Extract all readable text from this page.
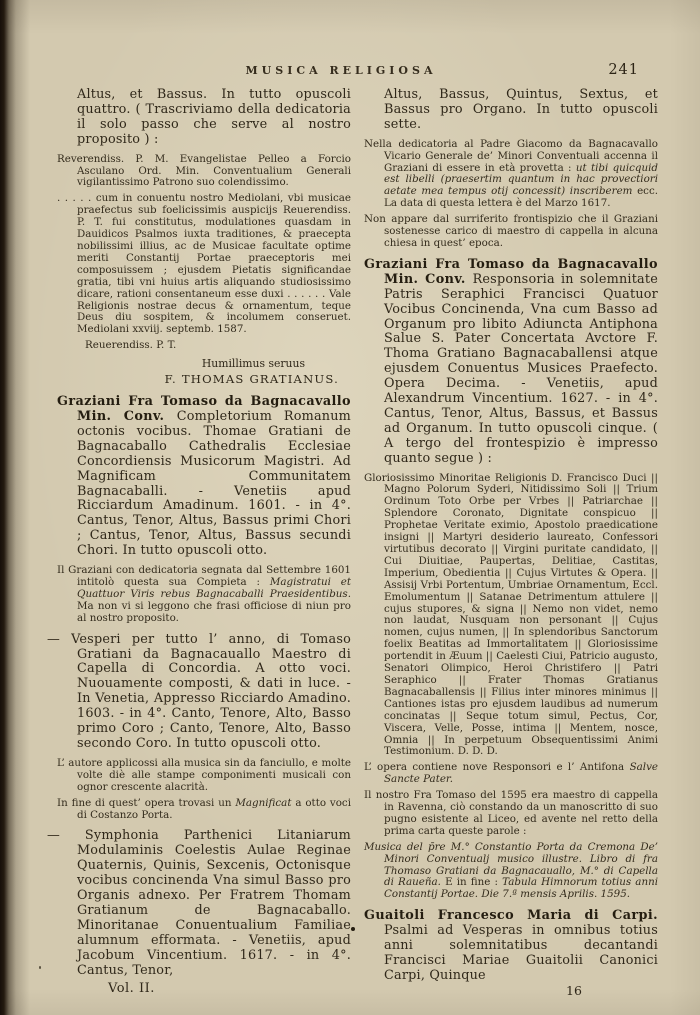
MUSICA RELIGIOSA	241
Altus, et Bassus. In tutto opuscoli quattro. ( Trascriviamo della dedicatoria il solo passo che serve al nostro proposito ) :
Reverendiss. P. M. Evangelistae Pelleo a Forcio Asculano Ord. Min. Conventualium Generali vigilantissimo Patrono suo colendissimo.
. . . . . cum in conuentu nostro Mediolani, vbi musicae praefectus sub foelicissimis auspicijs Reuerendiss. P. T. fui constitutus, modulationes quasdam in Dauidicos Psalmos iuxta traditiones, & praecepta nobilissimi illius, ac de Musicae facultate optime meriti Constantij Portae praeceptoris mei composuissem ; ejusdem Pietatis significandae gratia, tibi vni huius artis aliquando studiosissimo dicare, rationi consentaneum esse duxi . . . . . . Vale Religionis nostrae decus & ornamentum, teque Deus diu sospitem, & incolumem conseruet. Mediolani xxviij. septemb. 1587.
Reuerendiss. P. T.
Humillimus seruus
F. THOMAS GRATIANUS.
Graziani Fra Tomaso da Bagnacavallo Min. Conv. Completorium Romanum octonis vocibus. Thomae Gratiani de Bagnacaballo Cathedralis Ecclesiae Concordiensis Musicorum Magistri. Ad Magnificam Communitatem Bagnacaballi. - Venetiis apud Ricciardum Amadinum. 1601. - in 4°. Cantus, Tenor, Altus, Bassus primi Chori ; Cantus, Tenor, Altus, Bassus secundi Chori. In tutto opuscoli otto.
Il Graziani con dedicatoria segnata dal Settembre 1601 intitolò questa sua Compieta : Magistratui et Quattuor Viris rebus Bagnacaballi Praesidentibus. Ma non vi si leggono che frasi officiose di niun pro al nostro proposito.
— Vesperi per tutto l’ anno, di Tomaso Gratiani da Bagnacauallo Maestro di Capella di Concordia. A otto voci. Nuouamente composti, & dati in luce. - In Venetia, Appresso Ricciardo Amadino. 1603. - in 4°. Canto, Tenore, Alto, Basso primo Coro ; Canto, Tenore, Alto, Basso secondo Coro. In tutto opuscoli otto.
L’ autore applicossi alla musica sin da fanciullo, e molte volte diè alle stampe componimenti musicali con ognor crescente alacrità.
In fine di quest’ opera trovasi un Magnificat a otto voci di Costanzo Porta.
— Symphonia Parthenici Litaniarum Modulaminis Coelestis Aulae Reginae Quaternis, Quinis, Sexcenis, Octonisque vocibus concinenda Vna simul Basso pro Organis adnexo. Per Fratrem Thomam Gratianum de Bagnacaballo. Minoritanae Conuentualium Familiae alumnum efformata. - Venetiis, apud Jacobum Vincentium. 1617. - in 4°. Cantus, Tenor,
Altus, Bassus, Quintus, Sextus, et Bassus pro Organo. In tutto opuscoli sette.
Nella dedicatoria al Padre Giacomo da Bagnacavallo Vicario Generale de’ Minori Conventuali accenna il Graziani di essere in età provetta : ut tibi quicquid est libelli (praesertim quantum in hac provectiori aetate mea tempus otij concessit) inscriberem ecc. La data di questa lettera è del Marzo 1617.
Non appare dal surriferito frontispizio che il Graziani sostenesse carico di maestro di cappella in alcuna chiesa in quest’ epoca.
Graziani Fra Tomaso da Bagnacavallo Min. Conv. Responsoria in solemnitate Patris Seraphici Francisci Quatuor Vocibus Concinenda, Vna cum Basso ad Organum pro libito Adiuncta Antiphona Salue S. Pater Concertata Avctore F. Thoma Gratiano Bagnacaballensi atque ejusdem Conuentus Musices Praefecto. Opera Decima. - Venetiis, apud Alexandrum Vincentium. 1627. - in 4°. Cantus, Tenor, Altus, Bassus, et Bassus ad Organum. In tutto opuscoli cinque. ( A tergo del frontespizio è impresso quanto segue ) :
Gloriosissimo Minoritae Religionis D. Francisco Duci || Magno Polorum Syderi, Nitidissimo Soli || Trium Ordinum Toto Orbe per Vrbes || Patriarchae || Splendore Coronato, Dignitate conspicuo || Prophetae Veritate eximio, Apostolo praedicatione insigni || Martyri desiderio laureato, Confessori virtutibus decorato || Virgini puritate candidato, || Cui Diuitiae, Paupertas, Delitiae, Castitas, Imperium, Obedientia || Cujus Virtutes & Opera. || Assisij Vrbi Portentum, Umbriae Ornamentum, Eccl. Emolumentum || Satanae Detrimentum attulere || cujus stupores, & signa || Nemo non videt, nemo non laudat, Nusquam non personant || Cujus nomen, cujus numen, || In splendoribus Sanctorum foelix Beatitas ad Immortalitatem || Gloriosissime portendit in Æuum || Caelesti Ciui, Patricio augusto, Senatori Olimpico, Heroi Christifero || Patri Seraphico || Frater Thomas Gratianus Bagnacaballensis || Filius inter minores minimus || Cantiones istas pro ejusdem laudibus ad numerum concinatas || Seque totum simul, Pectus, Cor, Viscera, Velle, Posse, intima || Mentem, nosce, Omnia || In perpetuum Obsequentissimi Animi Testimonium. D. D. D.
L’ opera contiene nove Responsori e l’ Antifona Salve Sancte Pater.
Il nostro Fra Tomaso del 1595 era maestro di cappella in Ravenna, ciò constando da un manoscritto di suo pugno esistente al Liceo, ed avente nel retto della prima carta queste parole :
Musica del p̄re M.° Constantio Porta da Cremona De’ Minori Conventualj musico illustre. Libro di fra Thomaso Gratiani da Bagnacauallo, M.° di Capella di Raueña. E in fine : Tabula Himnorum totius anni Constantij Portae. Die 7.ª mensis Aprilis. 1595.
Guaitoli Francesco Maria di Carpi. Psalmi ad Vesperas in omnibus totius anni solemnitatibus decantandi Francisci Mariae Guaitolii Canonici Carpi, Quinque
Vol. II.	16
